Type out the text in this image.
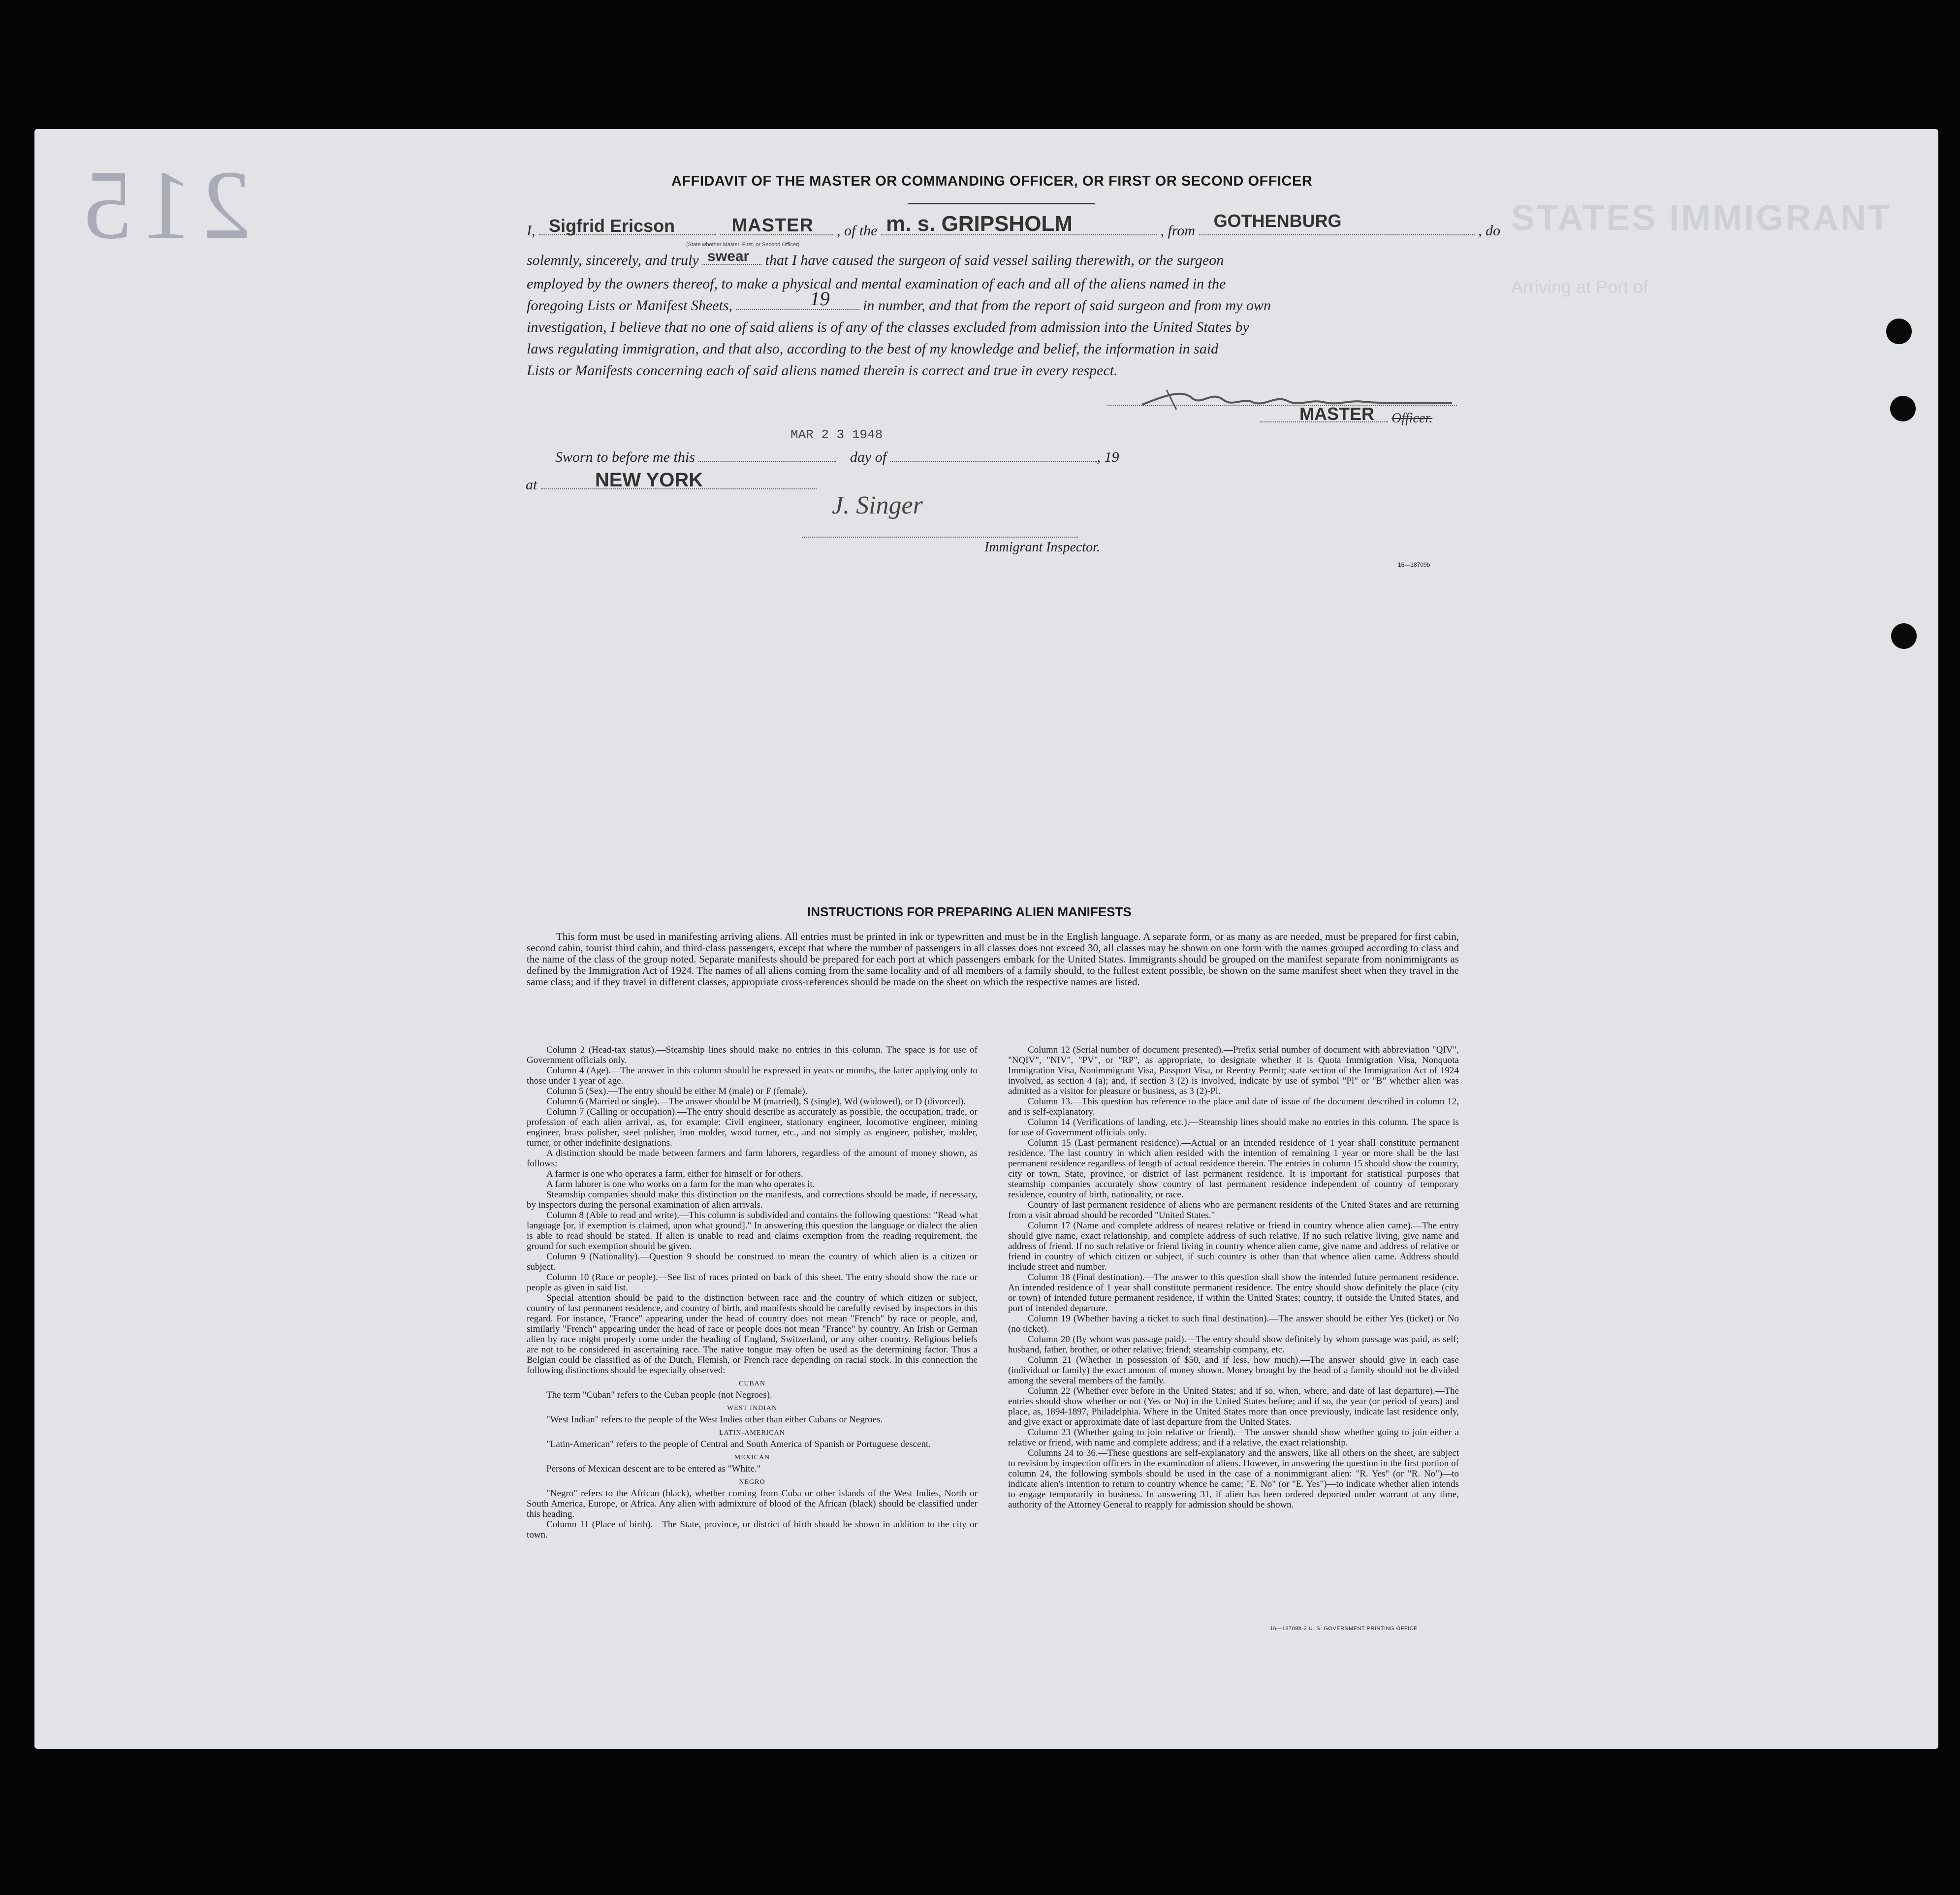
215	STATES IMMIGRANT
Arriving at Port of
AFFIDAVIT OF THE MASTER OR COMMANDING OFFICER, OR FIRST OR SECOND OFFICER
I, Sigfrid Ericson
	MASTER , of the m. s. GRIPSHOLM	, from GOTHENBURG	, do
(State whether Master, First, or Second Officer)
solemnly, sincerely, and truly swear that I have caused the surgeon of said vessel sailing therewith, or the surgeon
employed by the owners thereof, to make a physical and mental examination of each and all of the aliens named in the
foregoing Lists or Manifest Sheets,	19 in number, and that from the report of said surgeon and from my own
investigation, I believe that no one of said aliens is of any of the classes excluded from admission into the United States by
laws regulating immigration, and that also, according to the best of my knowledge and belief, the information in said
Lists or Manifests concerning each of said aliens named therein is correct and true in every respect.
MASTER Officer.
MAR 2 3 1948
Sworn to before me this	day of	, 19
at	NEW YORK
J. Singer
Immigrant Inspector.
16—18709b
INSTRUCTIONS FOR PREPARING ALIEN MANIFESTS
This form must be used in manifesting arriving aliens. All entries must be printed in ink or typewritten and must be in the English language. A separate form, or as many as are needed, must be prepared for first cabin, second cabin, tourist third cabin, and third-class passengers, except that where the number of passengers in all classes does not exceed 30, all classes may be shown on one form with the names grouped according to class and the name of the class of the group noted. Separate manifests should be prepared for each port at which passengers embark for the United States. Immigrants should be grouped on the manifest separate from nonimmigrants as defined by the Immigration Act of 1924. The names of all aliens coming from the same locality and of all members of a family should, to the fullest extent possible, be shown on the same manifest sheet when they travel in the same class; and if they travel in different classes, appropriate cross-references should be made on the sheet on which the respective names are listed.

Column 2 (Head-tax status).—Steamship lines should make no entries in this column. The space is for use of Government officials only.

Column 4 (Age).—The answer in this column should be expressed in years or months, the latter applying only to those under 1 year of age.

Column 5 (Sex).—The entry should be either M (male) or F (female).

Column 6 (Married or single).—The answer should be M (married), S (single), Wd (widowed), or D (divorced).

Column 7 (Calling or occupation).—The entry should describe as accurately as possible, the occupation, trade, or profession of each alien arrival, as, for example: Civil engineer, stationary engineer, locomotive engineer, mining engineer, brass polisher, steel polisher, iron molder, wood turner, etc., and not simply as engineer, polisher, molder, turner, or other indefinite designations.

A distinction should be made between farmers and farm laborers, regardless of the amount of money shown, as follows:

A farmer is one who operates a farm, either for himself or for others.

A farm laborer is one who works on a farm for the man who operates it.

Steamship companies should make this distinction on the manifests, and corrections should be made, if necessary, by inspectors during the personal examination of alien arrivals.

Column 8 (Able to read and write).—This column is subdivided and contains the following questions: "Read what language [or, if exemption is claimed, upon what ground]." In answering this question the language or dialect the alien is able to read should be stated. If alien is unable to read and claims exemption from the reading requirement, the ground for such exemption should be given.

Column 9 (Nationality).—Question 9 should be construed to mean the country of which alien is a citizen or subject.

Column 10 (Race or people).—See list of races printed on back of this sheet. The entry should show the race or people as given in said list.

Special attention should be paid to the distinction between race and the country of which citizen or subject, country of last permanent residence, and country of birth, and manifests should be carefully revised by inspectors in this regard. For instance, "France" appearing under the head of country does not mean "French" by race or people, and, similarly "French" appearing under the head of race or people does not mean "France" by country. An Irish or German alien by race might properly come under the heading of England, Switzerland, or any other country. Religious beliefs are not to be considered in ascertaining race. The native tongue may often be used as the determining factor. Thus a Belgian could be classified as of the Dutch, Flemish, or French race depending on racial stock. In this connection the following distinctions should be especially observed:

CUBAN

The term "Cuban" refers to the Cuban people (not Negroes).

WEST INDIAN

"West Indian" refers to the people of the West Indies other than either Cubans or Negroes.

LATIN-AMERICAN

"Latin-American" refers to the people of Central and South America of Spanish or Portuguese descent.

MEXICAN

Persons of Mexican descent are to be entered as "White."

NEGRO

"Negro" refers to the African (black), whether coming from Cuba or other islands of the West Indies, North or South America, Europe, or Africa. Any alien with admixture of blood of the African (black) should be classified under this heading.

Column 11 (Place of birth).—The State, province, or district of birth should be shown in addition to the city or town.

Column 12 (Serial number of document presented).—Prefix serial number of document with abbreviation "QIV", "NQIV", "NIV", "PV", or "RP", as appropriate, to designate whether it is Quota Immigration Visa, Nonquota Immigration Visa, Nonimmigrant Visa, Passport Visa, or Reentry Permit; state section of the Immigration Act of 1924 involved, as section 4 (a); and, if section 3 (2) is involved, indicate by use of symbol "Pl" or "B" whether alien was admitted as a visitor for pleasure or business, as 3 (2)-Pl.

Column 13.—This question has reference to the place and date of issue of the document described in column 12, and is self-explanatory.

Column 14 (Verifications of landing, etc.).—Steamship lines should make no entries in this column. The space is for use of Government officials only.

Column 15 (Last permanent residence).—Actual or an intended residence of 1 year shall constitute permanent residence. The last country in which alien resided with the intention of remaining 1 year or more shall be the last permanent residence regardless of length of actual residence therein. The entries in column 15 should show the country, city or town, State, province, or district of last permanent residence. It is important for statistical purposes that steamship companies accurately show country of last permanent residence independent of country of temporary residence, country of birth, nationality, or race.

Country of last permanent residence of aliens who are permanent residents of the United States and are returning from a visit abroad should be recorded "United States."

Column 17 (Name and complete address of nearest relative or friend in country whence alien came).—The entry should give name, exact relationship, and complete address of such relative. If no such relative living, give name and address of friend. If no such relative or friend living in country whence alien came, give name and address of relative or friend in country of which citizen or subject, if such country is other than that whence alien came. Address should include street and number.

Column 18 (Final destination).—The answer to this question shall show the intended future permanent residence. An intended residence of 1 year shall constitute permanent residence. The entry should show definitely the place (city or town) of intended future permanent residence, if within the United States; country, if outside the United States, and port of intended departure.

Column 19 (Whether having a ticket to such final destination).—The answer should be either Yes (ticket) or No (no ticket).

Column 20 (By whom was passage paid).—The entry should show definitely by whom passage was paid, as self; husband, father, brother, or other relative; friend; steamship company, etc.

Column 21 (Whether in possession of $50, and if less, how much).—The answer should give in each case (individual or family) the exact amount of money shown. Money brought by the head of a family should not be divided among the several members of the family.

Column 22 (Whether ever before in the United States; and if so, when, where, and date of last departure).—The entries should show whether or not (Yes or No) in the United States before; and if so, the year (or period of years) and place, as, 1894-1897, Philadelphia. Where in the United States more than once previously, indicate last residence only, and give exact or approximate date of last departure from the United States.

Column 23 (Whether going to join relative or friend).—The answer should show whether going to join either a relative or friend, with name and complete address; and if a relative, the exact relationship.

Columns 24 to 36.—These questions are self-explanatory and the answers, like all others on the sheet, are subject to revision by inspection officers in the examination of aliens. However, in answering the question in the first portion of column 24, the following symbols should be used in the case of a nonimmigrant alien: "R. Yes" (or "R. No")—to indicate alien's intention to return to country whence he came; "E. No" (or "E. Yes")—to indicate whether alien intends to engage temporarily in business. In answering 31, if alien has been ordered deported under warrant at any time, authority of the Attorney General to reapply for admission should be shown.

16—18709b-2 U. S. GOVERNMENT PRINTING OFFICE
